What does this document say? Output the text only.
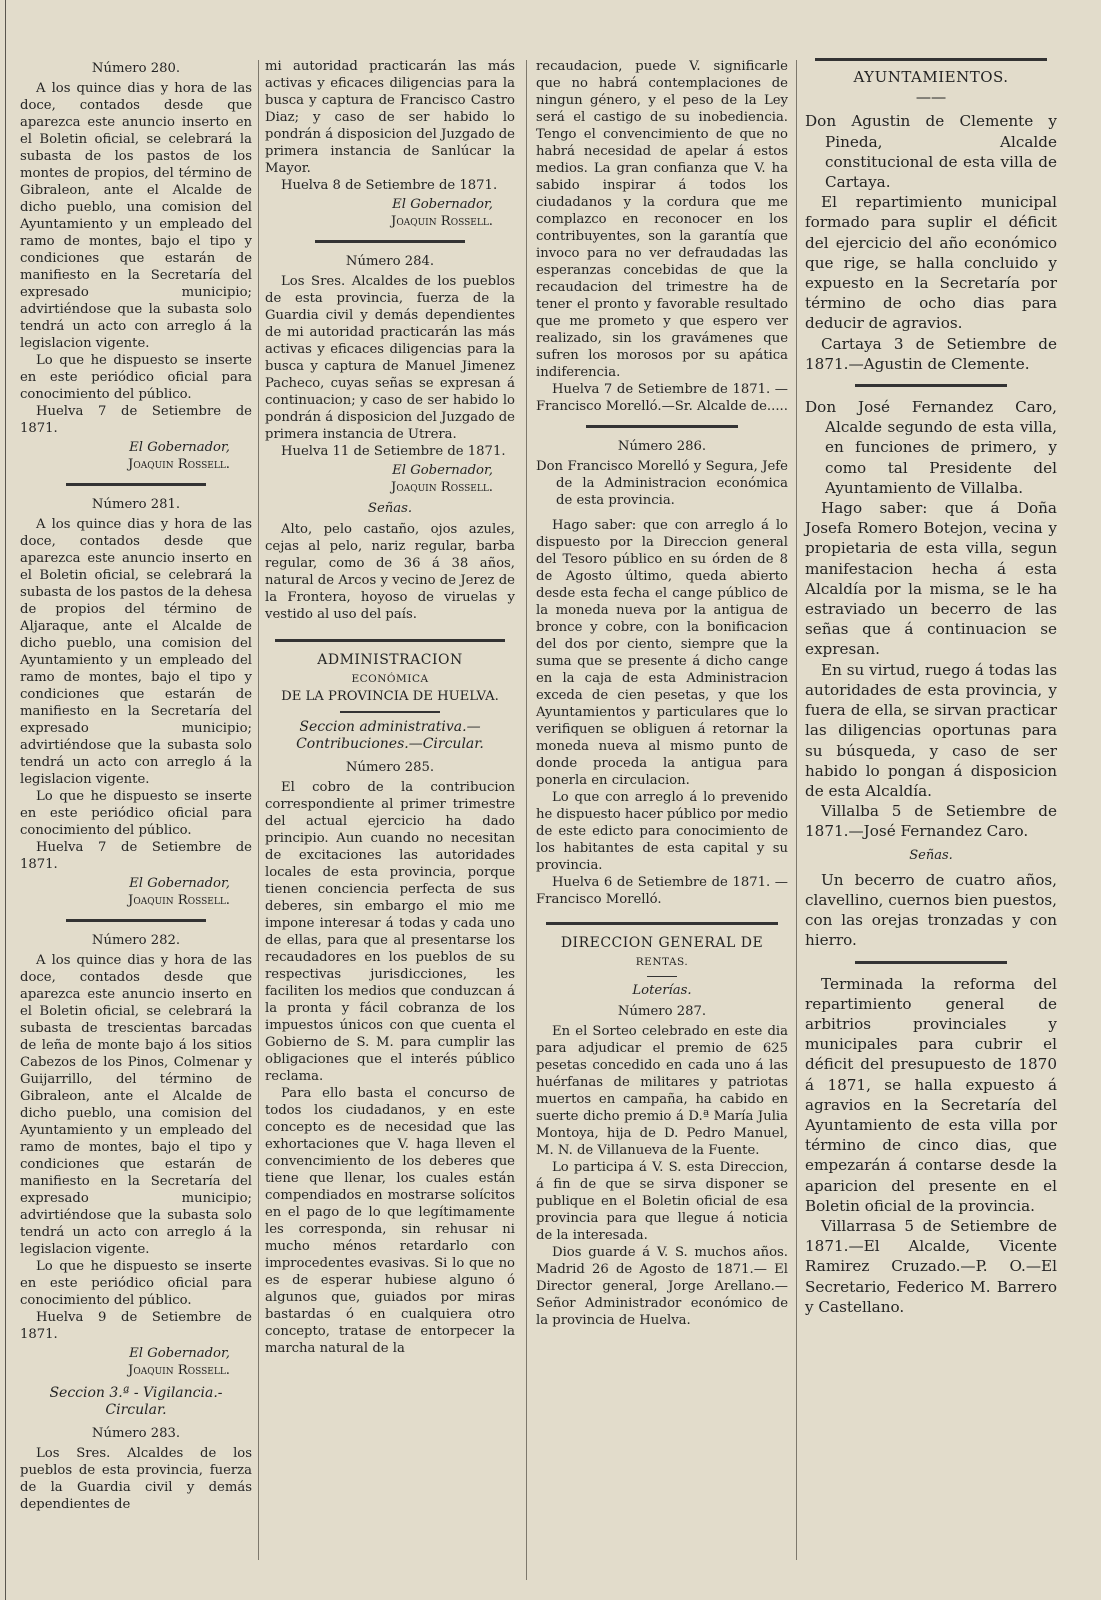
Número 280.

A los quince dias y hora de las doce, contados desde que aparezca este anuncio inserto en el Boletin oficial, se celebrará la subasta de los pastos de los montes de propios, del término de Gibraleon, ante el Alcalde de dicho pueblo, una comision del Ayuntamiento y un empleado del ramo de montes, bajo el tipo y condiciones que estarán de manifiesto en la Secretaría del expresado municipio; advirtiéndose que la subasta solo tendrá un acto con arreglo á la legislacion vigente.

Lo que he dispuesto se inserte en este periódico oficial para conocimiento del público.

Huelva 7 de Setiembre de 1871.

El Gobernador,
Joaquin Rossell.

Número 281.

A los quince dias y hora de las doce, contados desde que aparezca este anuncio inserto en el Boletin oficial, se celebrará la subasta de los pastos de la dehesa de propios del término de Aljaraque, ante el Alcalde de dicho pueblo, una comision del Ayuntamiento y un empleado del ramo de montes, bajo el tipo y condiciones que estarán de manifiesto en la Secretaría del expresado municipio; advirtiéndose que la subasta solo tendrá un acto con arreglo á la legislacion vigente.

Lo que he dispuesto se inserte en este periódico oficial para conocimiento del público.

Huelva 7 de Setiembre de 1871.

El Gobernador,
Joaquin Rossell.

Número 282.

A los quince dias y hora de las doce, contados desde que aparezca este anuncio inserto en el Boletin oficial, se celebrará la subasta de trescientas barcadas de leña de monte bajo á los sitios Cabezos de los Pinos, Colmenar y Guijarrillo, del término de Gibraleon, ante el Alcalde de dicho pueblo, una comision del Ayuntamiento y un empleado del ramo de montes, bajo el tipo y condiciones que estarán de manifiesto en la Secretaría del expresado municipio; advirtiéndose que la subasta solo tendrá un acto con arreglo á la legislacion vigente.

Lo que he dispuesto se inserte en este periódico oficial para conocimiento del público.

Huelva 9 de Setiembre de 1871.

El Gobernador,
Joaquin Rossell.

Seccion 3.ª - Vigilancia.-Circular.

Número 283.

Los Sres. Alcaldes de los pueblos de esta provincia, fuerza de la Guardia civil y demás dependientes de

mi autoridad practicarán las más activas y eficaces diligencias para la busca y captura de Francisco Castro Diaz; y caso de ser habido lo pondrán á disposicion del Juzgado de primera instancia de Sanlúcar la Mayor.

Huelva 8 de Setiembre de 1871.

El Gobernador,
Joaquin Rossell.

Número 284.

Los Sres. Alcaldes de los pueblos de esta provincia, fuerza de la Guardia civil y demás dependientes de mi autoridad practicarán las más activas y eficaces diligencias para la busca y captura de Manuel Jimenez Pacheco, cuyas señas se expresan á continuacion; y caso de ser habido lo pondrán á disposicion del Juzgado de primera instancia de Utrera.

Huelva 11 de Setiembre de 1871.

El Gobernador,
Joaquin Rossell.

Señas.

Alto, pelo castaño, ojos azules, cejas al pelo, nariz regular, barba regular, como de 36 á 38 años, natural de Arcos y vecino de Jerez de la Frontera, hoyoso de viruelas y vestido al uso del país.

ADMINISTRACION

ECONÓMICA

DE LA PROVINCIA DE HUELVA.

Seccion administrativa.—Contribuciones.—Circular.

Número 285.

El cobro de la contribucion correspondiente al primer trimestre del actual ejercicio ha dado principio. Aun cuando no necesitan de excitaciones las autoridades locales de esta provincia, porque tienen conciencia perfecta de sus deberes, sin embargo el mio me impone interesar á todas y cada uno de ellas, para que al presentarse los recaudadores en los pueblos de su respectivas jurisdicciones, les faciliten los medios que conduzcan á la pronta y fácil cobranza de los impuestos únicos con que cuenta el Gobierno de S. M. para cumplir las obligaciones que el interés público reclama.

Para ello basta el concurso de todos los ciudadanos, y en este concepto es de necesidad que las exhortaciones que V. haga lleven el convencimiento de los deberes que tiene que llenar, los cuales están compendiados en mostrarse solícitos en el pago de lo que legítimamente les corresponda, sin rehusar ni mucho ménos retardarlo con improcedentes evasivas. Si lo que no es de esperar hubiese alguno ó algunos que, guiados por miras bastardas ó en cualquiera otro concepto, tratase de entorpecer la marcha natural de la

recaudacion, puede V. significarle que no habrá contemplaciones de ningun género, y el peso de la Ley será el castigo de su inobediencia. Tengo el convencimiento de que no habrá necesidad de apelar á estos medios. La gran confianza que V. ha sabido inspirar á todos los ciudadanos y la cordura que me complazco en reconocer en los contribuyentes, son la garantía que invoco para no ver defraudadas las esperanzas concebidas de que la recaudacion del trimestre ha de tener el pronto y favorable resultado que me prometo y que espero ver realizado, sin los gravámenes que sufren los morosos por su apática indiferencia.

Huelva 7 de Setiembre de 1871. —Francisco Morelló.—Sr. Alcalde de.....

Número 286.

Don Francisco Morelló y Segura, Jefe de la Administracion económica de esta provincia.

Hago saber: que con arreglo á lo dispuesto por la Direccion general del Tesoro público en su órden de 8 de Agosto último, queda abierto desde esta fecha el cange público de la moneda nueva por la antigua de bronce y cobre, con la bonificacion del dos por ciento, siempre que la suma que se presente á dicho cange en la caja de esta Administracion exceda de cien pesetas, y que los Ayuntamientos y particulares que lo verifiquen se obliguen á retornar la moneda nueva al mismo punto de donde proceda la antigua para ponerla en circulacion.

Lo que con arreglo á lo prevenido he dispuesto hacer público por medio de este edicto para conocimiento de los habitantes de esta capital y su provincia.

Huelva 6 de Setiembre de 1871. —Francisco Morelló.

DIRECCION GENERAL DE

RENTAS.

Loterías.

Número 287.

En el Sorteo celebrado en este dia para adjudicar el premio de 625 pesetas concedido en cada uno á las huérfanas de militares y patriotas muertos en campaña, ha cabido en suerte dicho premio á D.ª María Julia Montoya, hija de D. Pedro Manuel, M. N. de Villanueva de la Fuente.

Lo participa á V. S. esta Direccion, á fin de que se sirva disponer se publique en el Boletin oficial de esa provincia para que llegue á noticia de la interesada.

Dios guarde á V. S. muchos años. Madrid 26 de Agosto de 1871.— El Director general, Jorge Arellano.—Señor Administrador económico de la provincia de Huelva.

AYUNTAMIENTOS.

——

Don Agustin de Clemente y Pineda, Alcalde constitucional de esta villa de Cartaya.

El repartimiento municipal formado para suplir el déficit del ejercicio del año económico que rige, se halla concluido y expuesto en la Secretaría por término de ocho dias para deducir de agravios.

Cartaya 3 de Setiembre de 1871.—Agustin de Clemente.

Don José Fernandez Caro, Alcalde segundo de esta villa, en funciones de primero, y como tal Presidente del Ayuntamiento de Villalba.

Hago saber: que á Doña Josefa Romero Botejon, vecina y propietaria de esta villa, segun manifestacion hecha á esta Alcaldía por la misma, se le ha estraviado un becerro de las señas que á continuacion se expresan.

En su virtud, ruego á todas las autoridades de esta provincia, y fuera de ella, se sirvan practicar las diligencias oportunas para su búsqueda, y caso de ser habido lo pongan á disposicion de esta Alcaldía.

Villalba 5 de Setiembre de 1871.—José Fernandez Caro.

Señas.

Un becerro de cuatro años, clavellino, cuernos bien puestos, con las orejas tronzadas y con hierro.

Terminada la reforma del repartimiento general de arbitrios provinciales y municipales para cubrir el déficit del presupuesto de 1870 á 1871, se halla expuesto á agravios en la Secretaría del Ayuntamiento de esta villa por término de cinco dias, que empezarán á contarse desde la aparicion del presente en el Boletin oficial de la provincia.

Villarrasa 5 de Setiembre de 1871.—El Alcalde, Vicente Ramirez Cruzado.—P. O.—El Secretario, Federico M. Barrero y Castellano.
